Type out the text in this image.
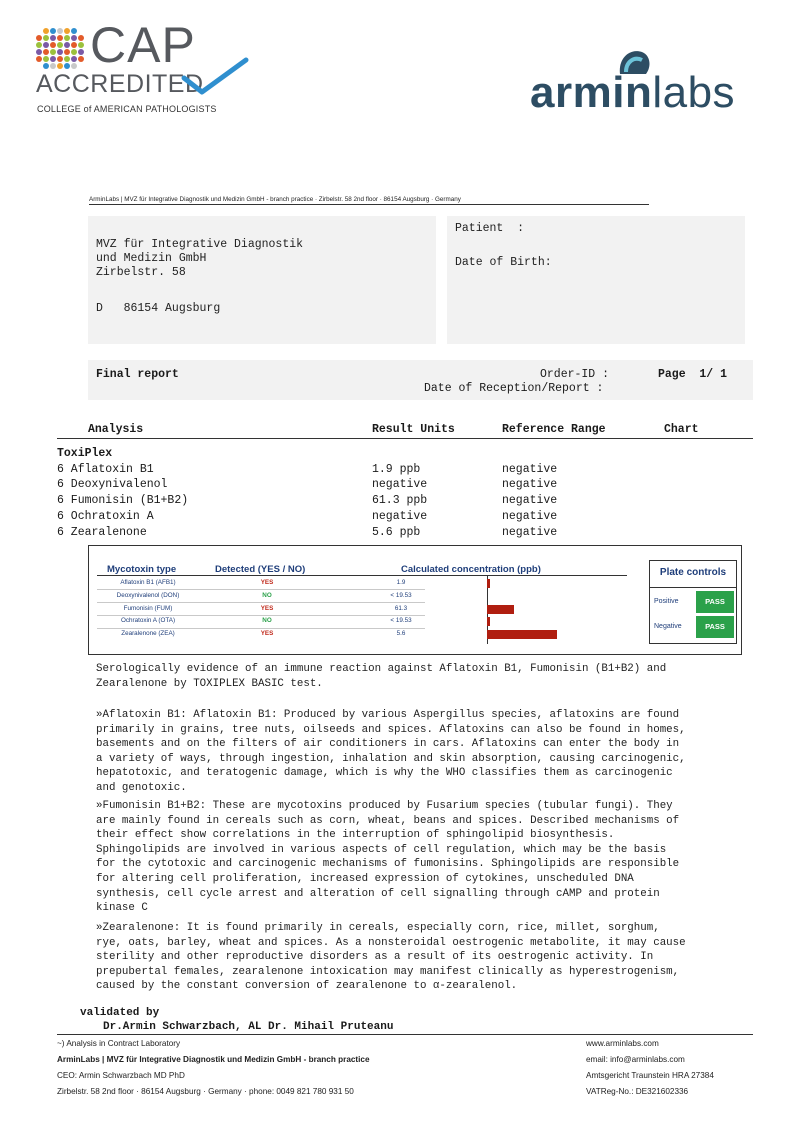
CAP
ACCREDITED
COLLEGE of AMERICAN PATHOLOGISTS	arminlabs
ArminLabs | MVZ für Integrative Diagnostik und Medizin GmbH - branch practice · Zirbelstr. 58 2nd floor · 86154 Augsburg · Germany
MVZ für Integrative Diagnostik
und Medizin GmbH
Zirbelstr. 58
D   86154 Augsburg
Patient  :
Date of Birth:
Final report	Order-ID :	Page  1/ 1
Date of Reception/Report :
Analysis	Result Units	Reference Range	Chart
ToxiPlex
6 Aflatoxin B1	1.9 ppb	negative
6 Deoxynivalenol	negative	negative
6 Fumonisin (B1+B2)	61.3 ppb	negative
6 Ochratoxin A	negative	negative
6 Zearalenone	5.6 ppb	negative
Mycotoxin type	Detected (YES / NO)	Calculated concentration (ppb)
Aflatoxin B1 (AFB1)	YES	1.9
Deoxynivalenol (DON)	NO	< 19.53
Fumonisin (FUM)	YES	61.3
Ochratoxin A (OTA)	NO	< 19.53
Zearalenone (ZEA)	YES	5.6
Plate controls
Positive	PASS
Negative	PASS
Serologically evidence of an immune reaction against Aflatoxin B1, Fumonisin (B1+B2) and
Zearalenone by TOXIPLEX BASIC test.
»Aflatoxin B1: Aflatoxin B1: Produced by various Aspergillus species, aflatoxins are found
primarily in grains, tree nuts, oilseeds and spices. Aflatoxins can also be found in homes,
basements and on the filters of air conditioners in cars. Aflatoxins can enter the body in
a variety of ways, through ingestion, inhalation and skin absorption, causing carcinogenic,
hepatotoxic, and teratogenic damage, which is why the WHO classifies them as carcinogenic
and genotoxic.
»Fumonisin B1+B2: These are mycotoxins produced by Fusarium species (tubular fungi). They
are mainly found in cereals such as corn, wheat, beans and spices. Described mechanisms of
their effect show correlations in the interruption of sphingolipid biosynthesis.
Sphingolipids are involved in various aspects of cell regulation, which may be the basis
for the cytotoxic and carcinogenic mechanisms of fumonisins. Sphingolipids are responsible
for altering cell proliferation, increased expression of cytokines, unscheduled DNA
synthesis, cell cycle arrest and alteration of cell signalling through cAMP and protein
kinase C
»Zearalenone: It is found primarily in cereals, especially corn, rice, millet, sorghum,
rye, oats, barley, wheat and spices. As a nonsteroidal oestrogenic metabolite, it may cause
sterility and other reproductive disorders as a result of its oestrogenic activity. In
prepubertal females, zearalenone intoxication may manifest clinically as hyperestrogenism,
caused by the constant conversion of zearalenone to α-zearalenol.
validated by
Dr.Armin Schwarzbach, AL Dr. Mihail Pruteanu
~) Analysis in Contract Laboratory
ArminLabs | MVZ für Integrative Diagnostik und Medizin GmbH - branch practice
CEO: Armin Schwarzbach MD PhD
Zirbelstr. 58 2nd floor · 86154 Augsburg · Germany · phone: 0049 821 780 931 50
www.arminlabs.com
email: info@arminlabs.com
Amtsgericht Traunstein HRA 27384
VATReg-No.: DE321602336
